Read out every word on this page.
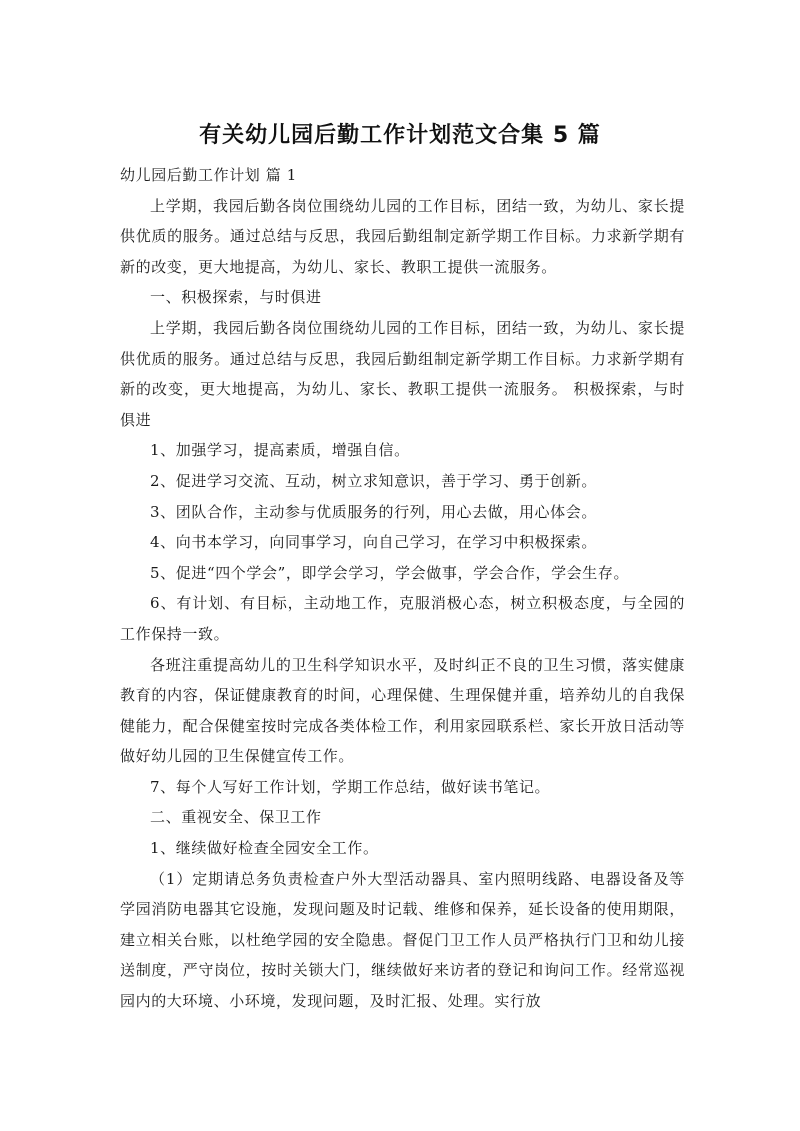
有关幼儿园后勤工作计划范文合集 5 篇

幼儿园后勤工作计划 篇 1

上学期，我园后勤各岗位围绕幼儿园的工作目标，团结一致，为幼儿、家长提供优质的服务。通过总结与反思，我园后勤组制定新学期工作目标。力求新学期有新的改变，更大地提高，为幼儿、家长、教职工提供一流服务。

一、积极探索，与时俱进

上学期，我园后勤各岗位围绕幼儿园的工作目标，团结一致，为幼儿、家长提供优质的服务。通过总结与反思，我园后勤组制定新学期工作目标。力求新学期有新的改变，更大地提高，为幼儿、家长、教职工提供一流服务。 积极探索，与时俱进

1、加强学习，提高素质，增强自信。

2、促进学习交流、互动，树立求知意识，善于学习、勇于创新。

3、团队合作，主动参与优质服务的行列，用心去做，用心体会。

4、向书本学习，向同事学习，向自己学习，在学习中积极探索。

5、促进“四个学会”，即学会学习，学会做事，学会合作，学会生存。

6、有计划、有目标，主动地工作，克服消极心态，树立积极态度，与全园的工作保持一致。

各班注重提高幼儿的卫生科学知识水平，及时纠正不良的卫生习惯，落实健康教育的内容，保证健康教育的时间，心理保健、生理保健并重，培养幼儿的自我保健能力，配合保健室按时完成各类体检工作，利用家园联系栏、家长开放日活动等做好幼儿园的卫生保健宣传工作。

7、每个人写好工作计划，学期工作总结，做好读书笔记。

二、重视安全、保卫工作

1、继续做好检查全园安全工作。

（1）定期请总务负责检查户外大型活动器具、室内照明线路、电器设备及等学园消防电器其它设施，发现问题及时记载、维修和保养，延长设备的使用期限，建立相关台账，以杜绝学园的安全隐患。督促门卫工作人员严格执行门卫和幼儿接送制度，严守岗位，按时关锁大门，继续做好来访者的登记和询问工作。经常巡视园内的大环境、小环境，发现问题，及时汇报、处理。实行放
